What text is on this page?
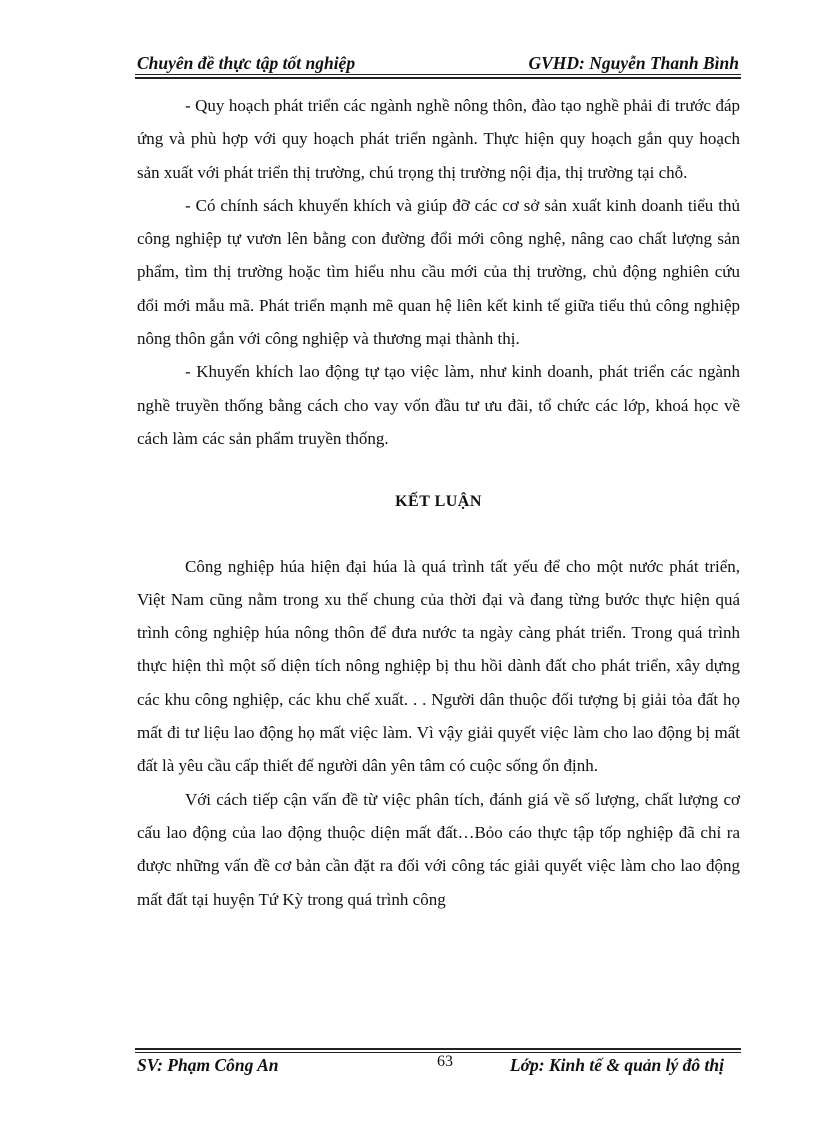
Chuyên đề thực tập tốt nghiệp	GVHD: Nguyễn Thanh Bình

- Quy hoạch phát triển các ngành nghề nông thôn, đào tạo nghề phải đi trước đáp ứng và phù hợp với quy hoạch phát triển ngành. Thực hiện quy hoạch gắn quy hoạch sản xuất với phát triển thị trường, chú trọng thị trường nội địa, thị trường tại chỗ.

- Có chính sách khuyến khích và giúp đỡ các cơ sở sản xuất kinh doanh tiểu thủ công nghiệp tự vươn lên bằng con đường đổi mới công nghệ, nâng cao chất lượng sản phẩm, tìm thị trường hoặc tìm hiểu nhu cầu mới của thị trường, chủ động nghiên cứu đổi mới mẫu mã. Phát triển mạnh mẽ quan hệ liên kết kinh tế giữa tiểu thủ công nghiệp nông thôn gắn với công nghiệp và thương mại thành thị.

- Khuyến khích lao động tự tạo việc làm, như kinh doanh, phát triển các ngành nghề truyền thống bằng cách cho vay vốn đầu tư ưu đãi, tổ chức các lớp, khoá học về cách làm các sản phẩm truyền thống.

KẾT LUẬN

Công nghiệp húa hiện đại húa là quá trình tất yếu để cho một nước phát triển, Việt Nam cũng nằm trong xu thế chung của thời đại và đang từng bước thực hiện quá trình công nghiệp húa nông thôn để đưa nước ta ngày càng phát triển. Trong quá trình thực hiện thì một số diện tích nông nghiệp bị thu hồi dành đất cho phát triển, xây dựng các khu công nghiệp, các khu chế xuất. . . Người dân thuộc đối tượng bị giải tỏa đất họ mất đi tư liệu lao động họ mất việc làm. Vì vậy giải quyết việc làm cho lao động bị mất đất là yêu cầu cấp thiết để người dân yên tâm có cuộc sống ổn định.

Với cách tiếp cận vấn đề từ việc phân tích, đánh giá về số lượng, chất lượng cơ cấu lao động của lao động thuộc diện mất đất…Bỏo cáo thực tập tốp nghiệp đã chỉ ra được những vấn đề cơ bản cần đặt ra đối với công tác giải quyết việc làm cho lao động mất đất tại huyện Tứ Kỳ trong quá trình công

SV: Phạm Công An	63	Lớp: Kinh tế & quản lý đô thị
